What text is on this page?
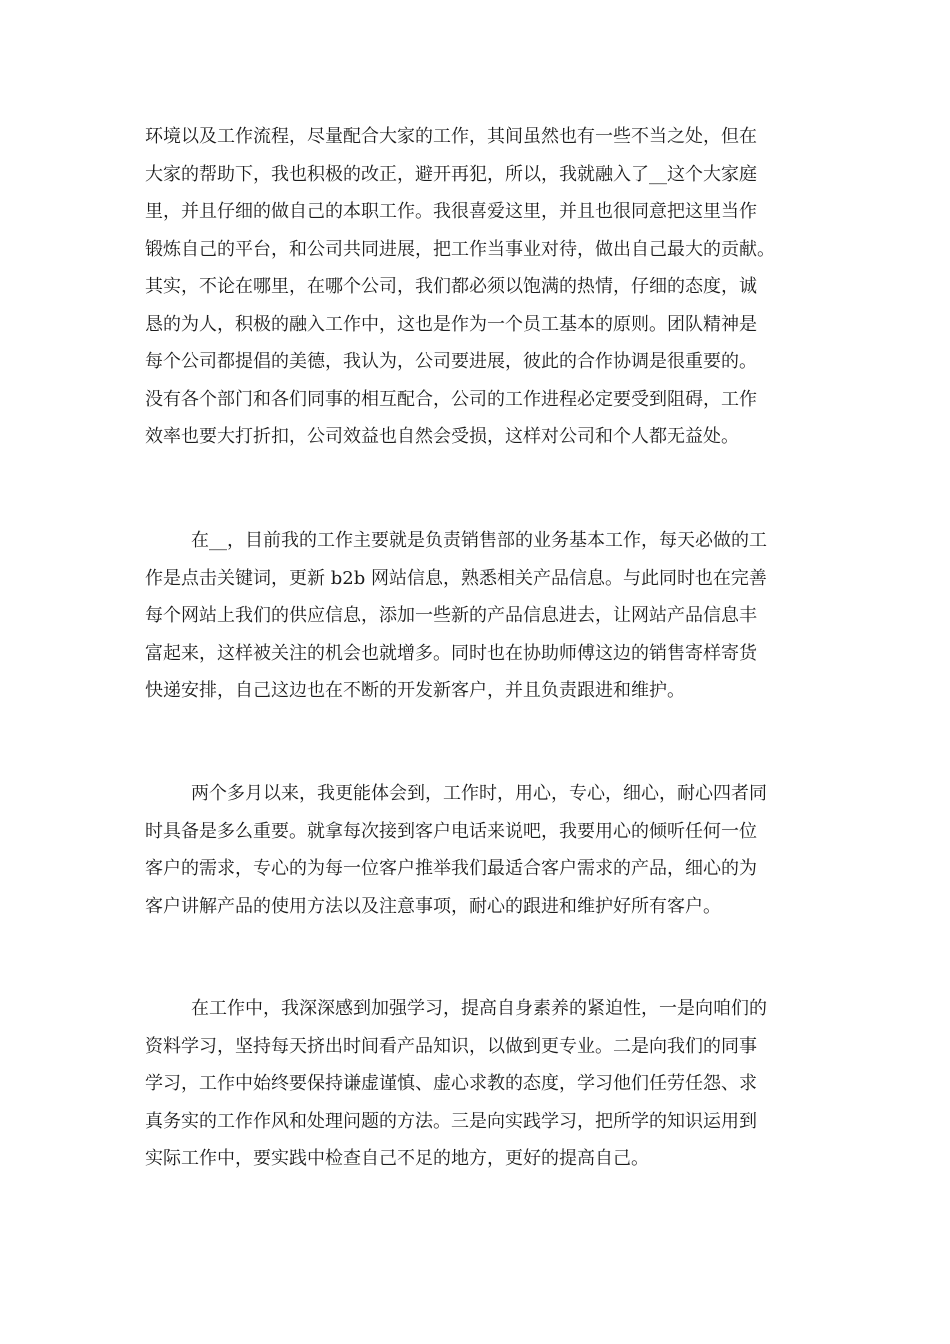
环境以及工作流程，尽量配合大家的工作，其间虽然也有一些不当之处，但在
大家的帮助下，我也积极的改正，避开再犯，所以，我就融入了__这个大家庭
里，并且仔细的做自己的本职工作。我很喜爱这里，并且也很同意把这里当作
锻炼自己的平台，和公司共同进展，把工作当事业对待，做出自己最大的贡献。
其实，不论在哪里，在哪个公司，我们都必须以饱满的热情，仔细的态度，诚
恳的为人，积极的融入工作中，这也是作为一个员工基本的原则。团队精神是
每个公司都提倡的美德，我认为，公司要进展，彼此的合作协调是很重要的。
没有各个部门和各们同事的相互配合，公司的工作进程必定要受到阻碍，工作
效率也要大打折扣，公司效益也自然会受损，这样对公司和个人都无益处。
在__，目前我的工作主要就是负责销售部的业务基本工作，每天必做的工
作是点击关键词，更新 b2b 网站信息，熟悉相关产品信息。与此同时也在完善
每个网站上我们的供应信息，添加一些新的产品信息进去，让网站产品信息丰
富起来，这样被关注的机会也就增多。同时也在协助师傅这边的销售寄样寄货
快递安排，自己这边也在不断的开发新客户，并且负责跟进和维护。
两个多月以来，我更能体会到，工作时，用心，专心，细心，耐心四者同
时具备是多么重要。就拿每次接到客户电话来说吧，我要用心的倾听任何一位
客户的需求，专心的为每一位客户推举我们最适合客户需求的产品，细心的为
客户讲解产品的使用方法以及注意事项，耐心的跟进和维护好所有客户。
在工作中，我深深感到加强学习，提高自身素养的紧迫性，一是向咱们的
资料学习，坚持每天挤出时间看产品知识，以做到更专业。二是向我们的同事
学习，工作中始终要保持谦虚谨慎、虚心求教的态度，学习他们任劳任怨、求
真务实的工作作风和处理问题的方法。三是向实践学习，把所学的知识运用到
实际工作中，要实践中检查自己不足的地方，更好的提高自己。
